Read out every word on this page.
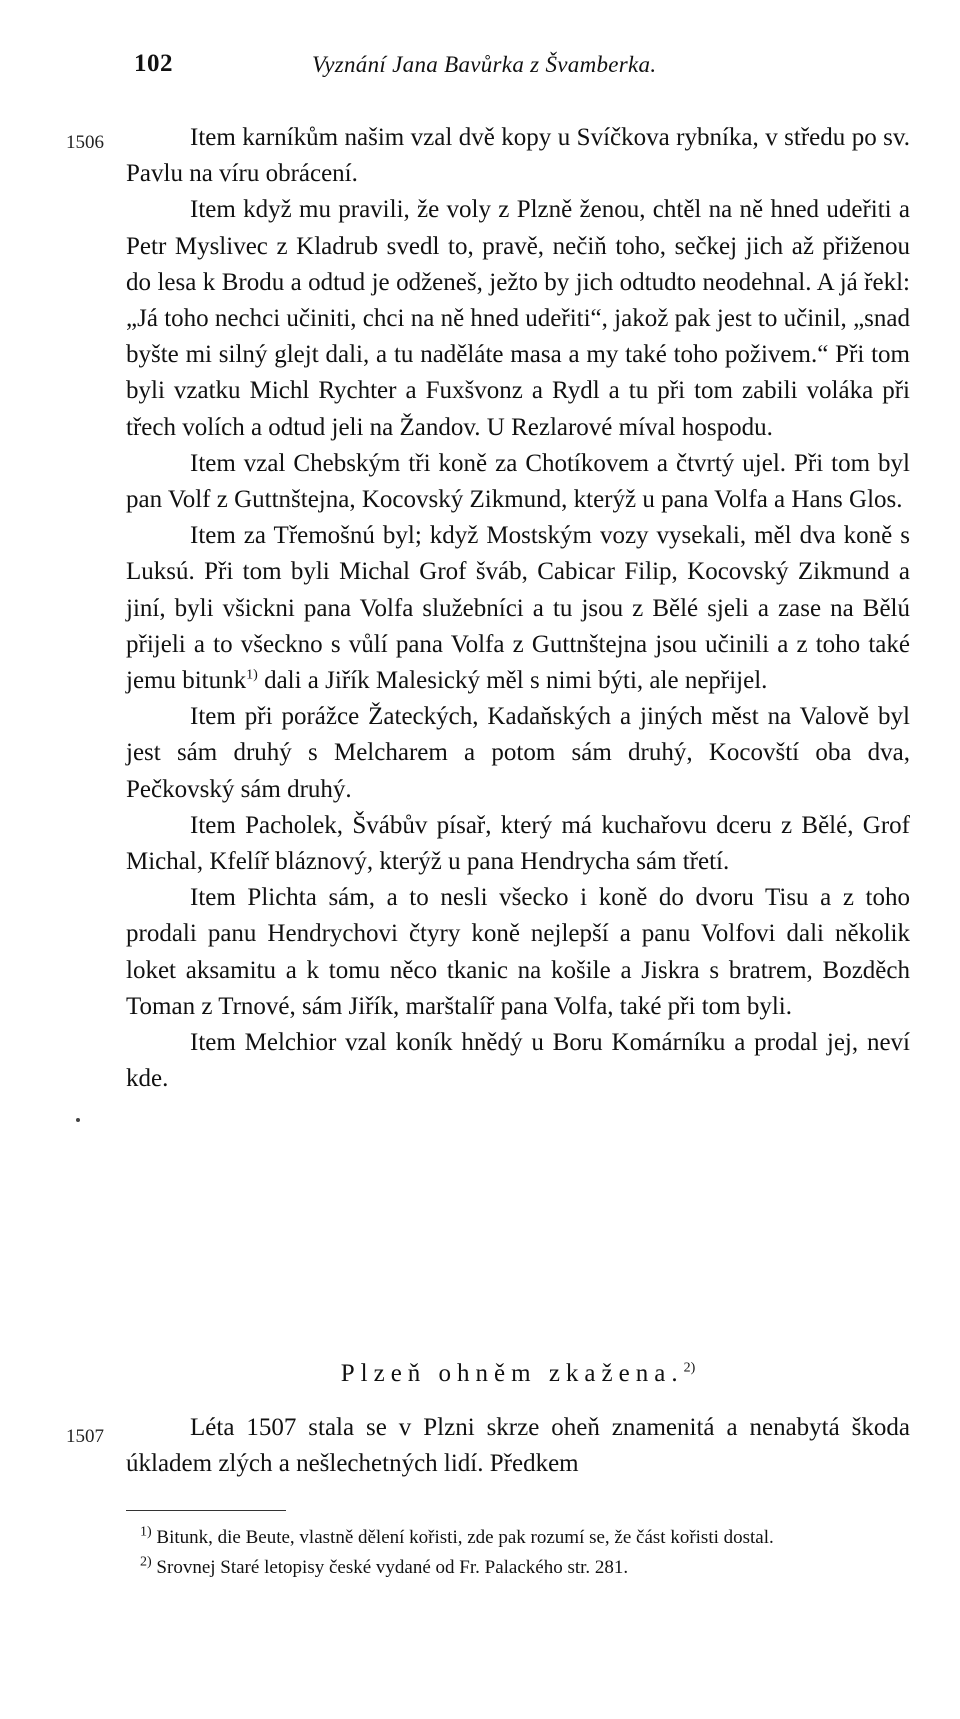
102	Vyznání Jana Bavůrka z Švamberka.
1506	Item karníkům našim vzal dvě kopy u Svíčkova rybníka, v středu po sv. Pavlu na víru obrácení.

Item když mu pravili, že voly z Plzně ženou, chtěl na ně hned udeřiti a Petr Myslivec z Kladrub svedl to, pravě, nečiň toho, sečkej jich až přiženou do lesa k Brodu a odtud je odženeš, ježto by jich odtudto neodehnal. A já řekl: „Já toho nechci učiniti, chci na ně hned udeřiti“, jakož pak jest to učinil, „snad byšte mi silný glejt dali, a tu naděláte masa a my také toho poživem.“ Při tom byli vzatku Michl Rychter a Fuxšvonz a Rydl a tu při tom zabili voláka při třech volích a odtud jeli na Žandov. U Rezlarové míval hospodu.

Item vzal Chebským tři koně za Chotíkovem a čtvrtý ujel. Při tom byl pan Volf z Guttnštejna, Kocovský Zikmund, kterýž u pana Volfa a Hans Glos.

Item za Třemošnú byl; když Mostským vozy vysekali, měl dva koně s Luksú. Při tom byli Michal Grof šváb, Cabicar Filip, Kocovský Zikmund a jiní, byli všickni pana Volfa služebníci a tu jsou z Bělé sjeli a zase na Bělú přijeli a to všeckno s vůlí pana Volfa z Guttnštejna jsou učinili a z toho také jemu bitunk$^{1)}$ dali a Jiřík Malesický měl s nimi býti, ale nepřijel.

Item při porážce Žateckých, Kadaňských a jiných měst na Valově byl jest sám druhý s Melcharem a potom sám druhý, Kocovští oba dva, Pečkovský sám druhý.

Item Pacholek, Švábův písař, který má kuchařovu dceru z Bělé, Grof Michal, Kfelíř bláznový, kterýž u pana Hendrycha sám třetí.

Item Plichta sám, a to nesli všecko i koně do dvoru Tisu a z toho prodali panu Hendrychovi čtyry koně nejlepší a panu Volfovi dali několik loket aksamitu a k tomu něco tkanic na košile a Jiskra s bratrem, Bozděch Toman z Trnové, sám Jiřík, marštalíř pana Volfa, také při tom byli.

Item Melchior vzal koník hnědý u Boru Komárníku a prodal jej, neví kde.

Plzeň ohněm zkažena.$^{2)}$
1507	Léta 1507 stala se v Plzni skrze oheň znamenitá a nenabytá škoda úkladem zlých a nešlechetných lidí. Předkem

$^{1)}$ Bitunk, die Beute, vlastně dělení kořisti, zde pak rozumí se, že část kořisti dostal.

$^{2)}$ Srovnej Staré letopisy české vydané od Fr. Palackého str. 281.
